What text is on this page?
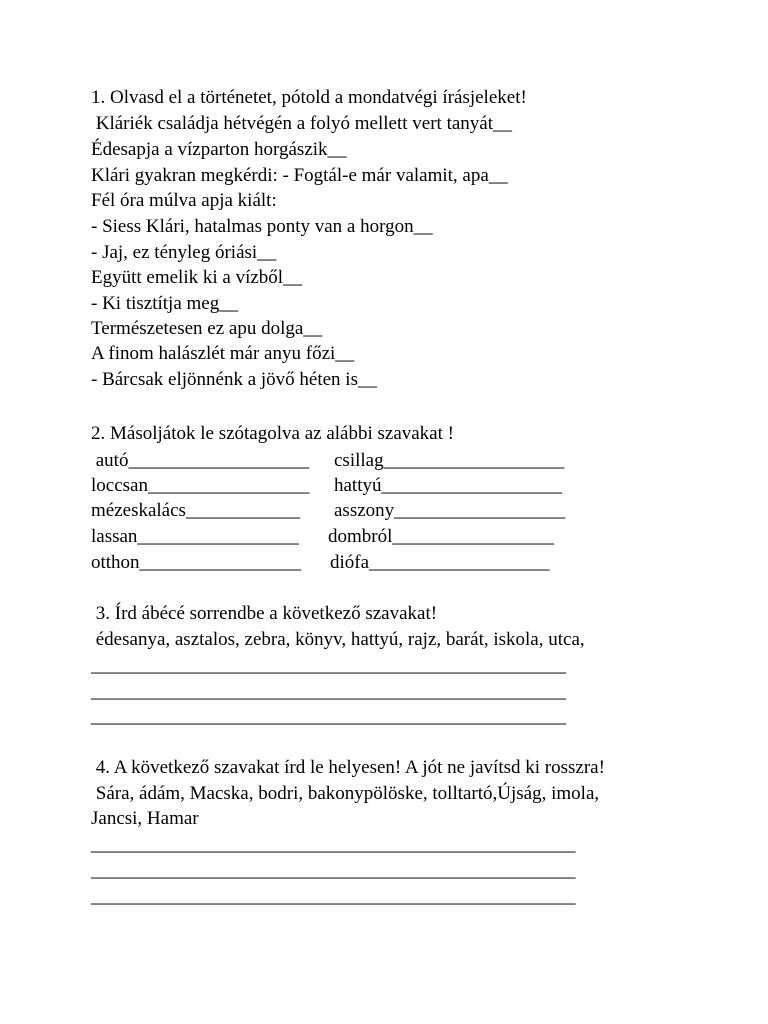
1. Olvasd el a történetet, pótold a mondatvégi írásjeleket!
Kláriék családja hétvégén a folyó mellett vert tanyát__
Édesapja a vízparton horgászik__
Klári gyakran megkérdi: - Fogtál-e már valamit, apa__
Fél óra múlva apja kiált:
- Siess Klári, hatalmas ponty van a horgon__
- Jaj, ez tényleg óriási__
Együtt emelik ki a vízből__
- Ki tisztítja meg__
Természetesen ez apu dolga__
A finom halászlét már anyu főzi__
- Bárcsak eljönnénk a jövő héten is__
2. Másoljátok le szótagolva az alábbi szavakat !
autó___________________ csillag___________________
loccsan_________________ hattyú___________________
mézeskalács____________ asszony__________________
lassan_________________ dombról_________________
otthon_________________ diófa___________________
3. Írd ábécé sorrendbe a következő szavakat!
édesanya, asztalos, zebra, könyv, hattyú, rajz, barát, iskola, utca,
__________________________________________________
__________________________________________________
__________________________________________________
4. A következő szavakat írd le helyesen! A jót ne javítsd ki rosszra!
Sára, ádám, Macska, bodri, bakonypölöske, tolltartó,Újság, imola,
Jancsi, Hamar
___________________________________________________
___________________________________________________
___________________________________________________
